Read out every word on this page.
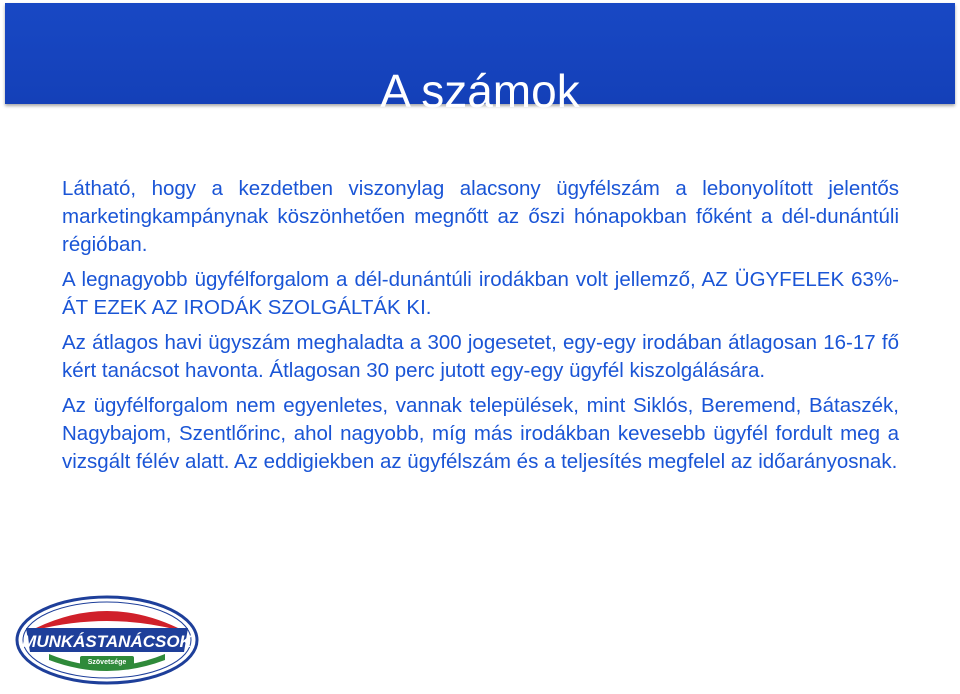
A számok

Látható, hogy a kezdetben viszonylag alacsony ügyfélszám a lebonyolított jelentős marketingkampánynak köszönhetően megnőtt az őszi hónapokban főként a dél-dunántúli régióban.

A legnagyobb ügyfélforgalom a dél-dunántúli irodákban volt jellemző, AZ ÜGYFELEK 63%-ÁT EZEK AZ IRODÁK SZOLGÁLTÁK KI.

Az átlagos havi ügyszám meghaladta a 300 jogesetet, egy-egy irodában átlagosan 16-17 fő kért tanácsot havonta. Átlagosan 30 perc jutott egy-egy ügyfél kiszolgálására.

Az ügyfélforgalom nem egyenletes, vannak települések, mint Siklós, Beremend, Bátaszék, Nagybajom, Szentlőrinc, ahol nagyobb, míg más irodákban kevesebb ügyfél fordult meg a vizsgált félév alatt. Az eddigiekben az ügyfélszám és a teljesítés megfelel az időarányosnak.

MUNKÁSTANÁCSOK
Szövetsége
